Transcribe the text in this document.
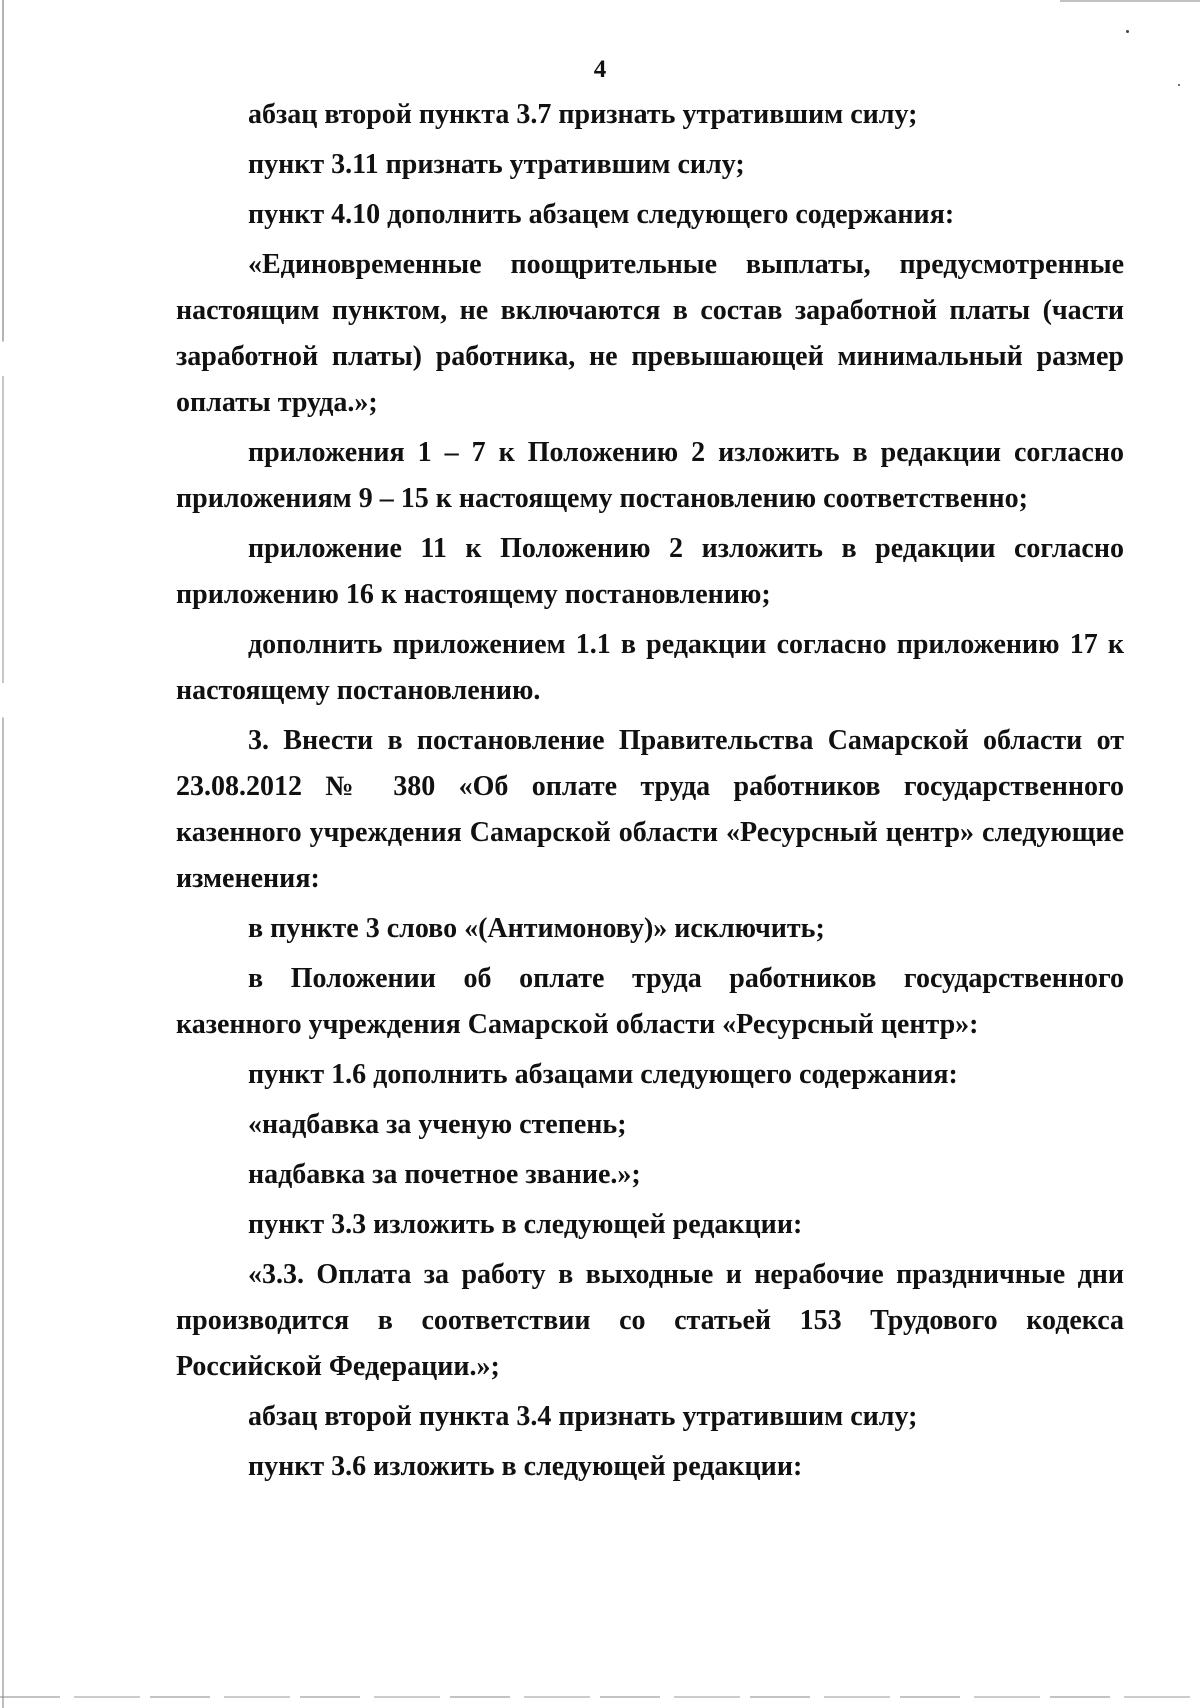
4

абзац второй пункта 3.7 признать утратившим силу;

пункт 3.11 признать утратившим силу;

пункт 4.10 дополнить абзацем следующего содержания:

«Единовременные поощрительные выплаты, предусмотренные настоящим пунктом, не включаются в состав заработной платы (части заработной платы) работника, не превышающей минимальный размер оплаты труда.»;

приложения 1 – 7 к Положению 2 изложить в редакции согласно приложениям 9 – 15 к настоящему постановлению соответственно;

приложение 11 к Положению 2 изложить в редакции согласно приложению 16 к настоящему постановлению;

дополнить приложением 1.1 в редакции согласно приложению 17 к настоящему постановлению.

3. Внести в постановление Правительства Самарской области от 23.08.2012 № 380 «Об оплате труда работников государственного казенного учреждения Самарской области «Ресурсный центр» следующие изменения:

в пункте 3 слово «(Антимонову)» исключить;

в Положении об оплате труда работников государственного казенного учреждения Самарской области «Ресурсный центр»:

пункт 1.6 дополнить абзацами следующего содержания:

«надбавка за ученую степень;

надбавка за почетное звание.»;

пункт 3.3 изложить в следующей редакции:

«3.3. Оплата за работу в выходные и нерабочие праздничные дни производится в соответствии со статьей 153 Трудового кодекса Российской Федерации.»;

абзац второй пункта 3.4 признать утратившим силу;

пункт 3.6 изложить в следующей редакции:
